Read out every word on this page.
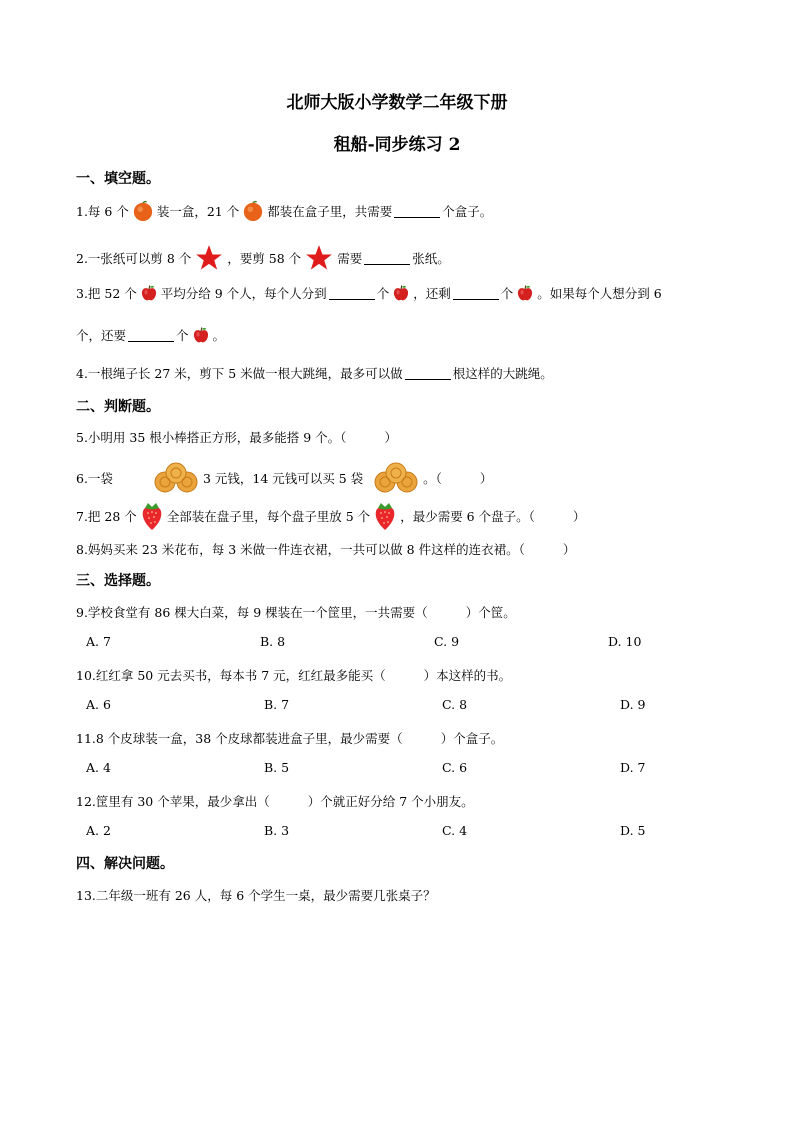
北师大版小学数学二年级下册
租船-同步练习 2
一、填空题。
1.每 6 个 装一盒，21 个 都装在盒子里，共需要	个盒子。
2.一张纸可以剪 8 个	，要剪 58 个	需要	张纸。
3.把 52 个 平均分给 9 个人，每个人分到	个 ，还剩	个 。如果每个人想分到 6
个，还要	个 。
4.一根绳子长 27 米，剪下 5 米做一根大跳绳，最多可以做	根这样的大跳绳。
二、判断题。
5.小明用 35 根小棒搭正方形，最多能搭 9 个。（	）
6.一袋	3 元钱，14 元钱可以买 5 袋	。（	）
7.把 28 个 全部装在盘子里，每个盘子里放 5 个 ，最少需要 6 个盘子。（	）
8.妈妈买来 23 米花布，每 3 米做一件连衣裙，一共可以做 8 件这样的连衣裙。（	）
三、选择题。
9.学校食堂有 86 棵大白菜，每 9 棵装在一个筐里，一共需要（	）个筐。
A. 7	B. 8	C. 9	D. 10
10.红红拿 50 元去买书，每本书 7 元，红红最多能买（	）本这样的书。
A. 6	B. 7	C. 8	D. 9
11.8 个皮球装一盒，38 个皮球都装进盒子里，最少需要（	）个盒子。
A. 4	B. 5	C. 6	D. 7
12.筐里有 30 个苹果，最少拿出（	）个就正好分给 7 个小朋友。
A. 2	B. 3	C. 4	D. 5
四、解决问题。
13.二年级一班有 26 人，每 6 个学生一桌，最少需要几张桌子？
